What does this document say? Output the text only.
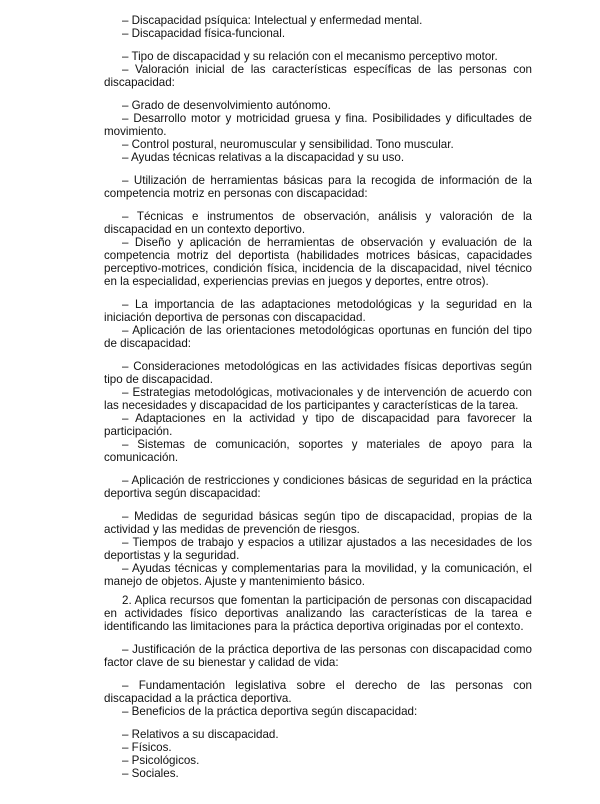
– Discapacidad psíquica: Intelectual y enfermedad mental.

– Discapacidad física-funcional.

– Tipo de discapacidad y su relación con el mecanismo perceptivo motor.

– Valoración inicial de las características específicas de las personas con discapacidad:

– Grado de desenvolvimiento autónomo.

– Desarrollo motor y motricidad gruesa y fina. Posibilidades y dificultades de movimiento.

– Control postural, neuromuscular y sensibilidad. Tono muscular.

– Ayudas técnicas relativas a la discapacidad y su uso.

– Utilización de herramientas básicas para la recogida de información de la competencia motriz en personas con discapacidad:

– Técnicas e instrumentos de observación, análisis y valoración de la discapacidad en un contexto deportivo.

– Diseño y aplicación de herramientas de observación y evaluación de la competencia motriz del deportista (habilidades motrices básicas, capacidades perceptivo-motrices, condición física, incidencia de la discapacidad, nivel técnico en la especialidad, experiencias previas en juegos y deportes, entre otros).

– La importancia de las adaptaciones metodológicas y la seguridad en la iniciación deportiva de personas con discapacidad.

– Aplicación de las orientaciones metodológicas oportunas en función del tipo de discapacidad:

– Consideraciones metodológicas en las actividades físicas deportivas según tipo de discapacidad.

– Estrategias metodológicas, motivacionales y de intervención de acuerdo con las necesidades y discapacidad de los participantes y características de la tarea.

– Adaptaciones en la actividad y tipo de discapacidad para favorecer la participación.

– Sistemas de comunicación, soportes y materiales de apoyo para la comunicación.

– Aplicación de restricciones y condiciones básicas de seguridad en la práctica deportiva según discapacidad:

– Medidas de seguridad básicas según tipo de discapacidad, propias de la actividad y las medidas de prevención de riesgos.

– Tiempos de trabajo y espacios a utilizar ajustados a las necesidades de los deportistas y la seguridad.

– Ayudas técnicas y complementarias para la movilidad, y la comunicación, el manejo de objetos. Ajuste y mantenimiento básico.

2. Aplica recursos que fomentan la participación de personas con discapacidad en actividades físico deportivas analizando las características de la tarea e identificando las limitaciones para la práctica deportiva originadas por el contexto.

– Justificación de la práctica deportiva de las personas con discapacidad como factor clave de su bienestar y calidad de vida:

– Fundamentación legislativa sobre el derecho de las personas con discapacidad a la práctica deportiva.

– Beneficios de la práctica deportiva según discapacidad:

– Relativos a su discapacidad.

– Físicos.

– Psicológicos.

– Sociales.
